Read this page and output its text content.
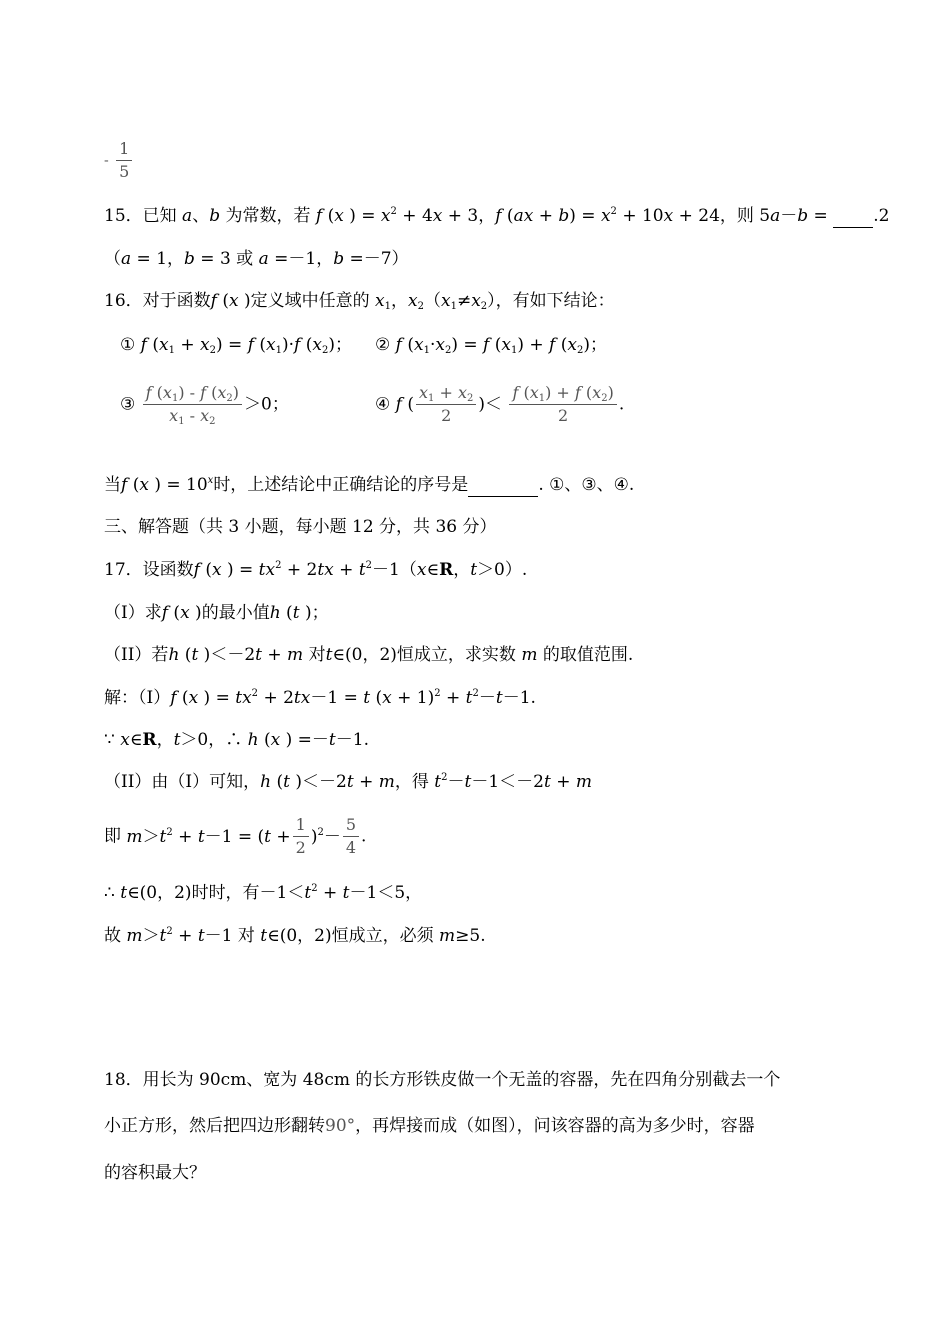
- $\frac{1}{5}$
15．已知 a、b 为常数，若 f (x ) = $x^2 + 4x + 3$，f $(ax + b) = x^2 + 10x + 24$，则 5a－b =  .2
（a = 1，b = 3 或 a =－1，b =－7）
16．对于函数f (x )定义域中任意的 $x_1$，$x_2(x_1\ne x_2)$，有如下结论：
① f $(x_1 + x_2) = f$ $(x_1)\cdot f$ $(x_2)$； ② f $(x_1\cdot x_2) = f$ $(x_1) + f$ $(x_2)$；
③ $\frac{f (x_1) - f (x_2)}{x_1 - x_2} >0$；	④ f ( $\frac{x_1 + x_2}{2}$ )＜ $\frac{f (x_1) + f (x_2)}{2}$ .
当f (x ) = $10^x$时，上述结论中正确结论的序号是	. ①、③、④.
三、解答题（共 3 小题，每小题 12 分，共 36 分）
17．设函数f (x ) = $tx^2 + 2tx$ + $t^2-1(x\in R$，t＞0）.
（I）求f (x )的最小值h (t )；
（II）若h (t )＜－2t + m 对t∈(0，2)恒成立，求实数 m 的取值范围.
解：（I）f (x ) = $tx^2 + 2tx-1 = t$ $(x + 1)^2 + t^2-t-1$.
∵ x∈R，t＞0，∴ h (x ) =－t－1.
（II）由（I）可知，h (t )＜－2t + m，得 $t^2-t-1<-2t + m$
即 $m>t^2 + t-1 = (t + \frac{1}{2} )^2- \frac{5}{4}$ .
∴ t∈(0，2)时时，有$-1<t^2 + t-1<5$，
故 $m>t^2 + t-1$ 对 t∈(0，2)恒成立，必须 m≥5.
18．用长为 90cm、宽为 48cm 的长方形铁皮做一个无盖的容器，先在四角分别截去一个
小正方形，然后把四边形翻转90°，再焊接而成（如图），问该容器的高为多少时，容器
的容积最大？
